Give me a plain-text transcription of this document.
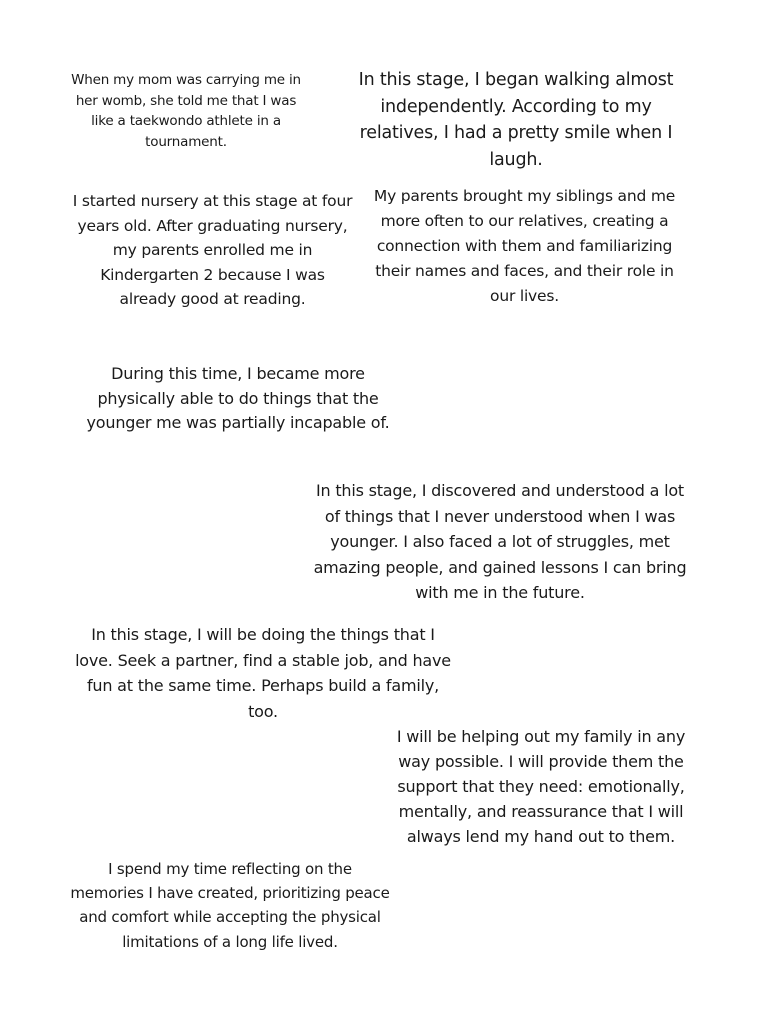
When my mom was carrying me in her womb, she told me that I was like a taekwondo athlete in a tournament.
In this stage, I began walking almost independently. According to my relatives, I had a pretty smile when I laugh.
I started nursery at this stage at four years old. After graduating nursery, my parents enrolled me in Kindergarten 2 because I was already good at reading.
My parents brought my siblings and me more often to our relatives, creating a connection with them and familiarizing their names and faces, and their role in our lives.
During this time, I became more physically able to do things that the younger me was partially incapable of.
In this stage, I discovered and understood a lot of things that I never understood when I was younger. I also faced a lot of struggles, met amazing people, and gained lessons I can bring with me in the future.
In this stage, I will be doing the things that I love. Seek a partner, find a stable job, and have fun at the same time. Perhaps build a family, too.
I will be helping out my family in any way possible. I will provide them the support that they need: emotionally, mentally, and reassurance that I will always lend my hand out to them.
I spend my time reflecting on the memories I have created, prioritizing peace and comfort while accepting the physical limitations of a long life lived.
